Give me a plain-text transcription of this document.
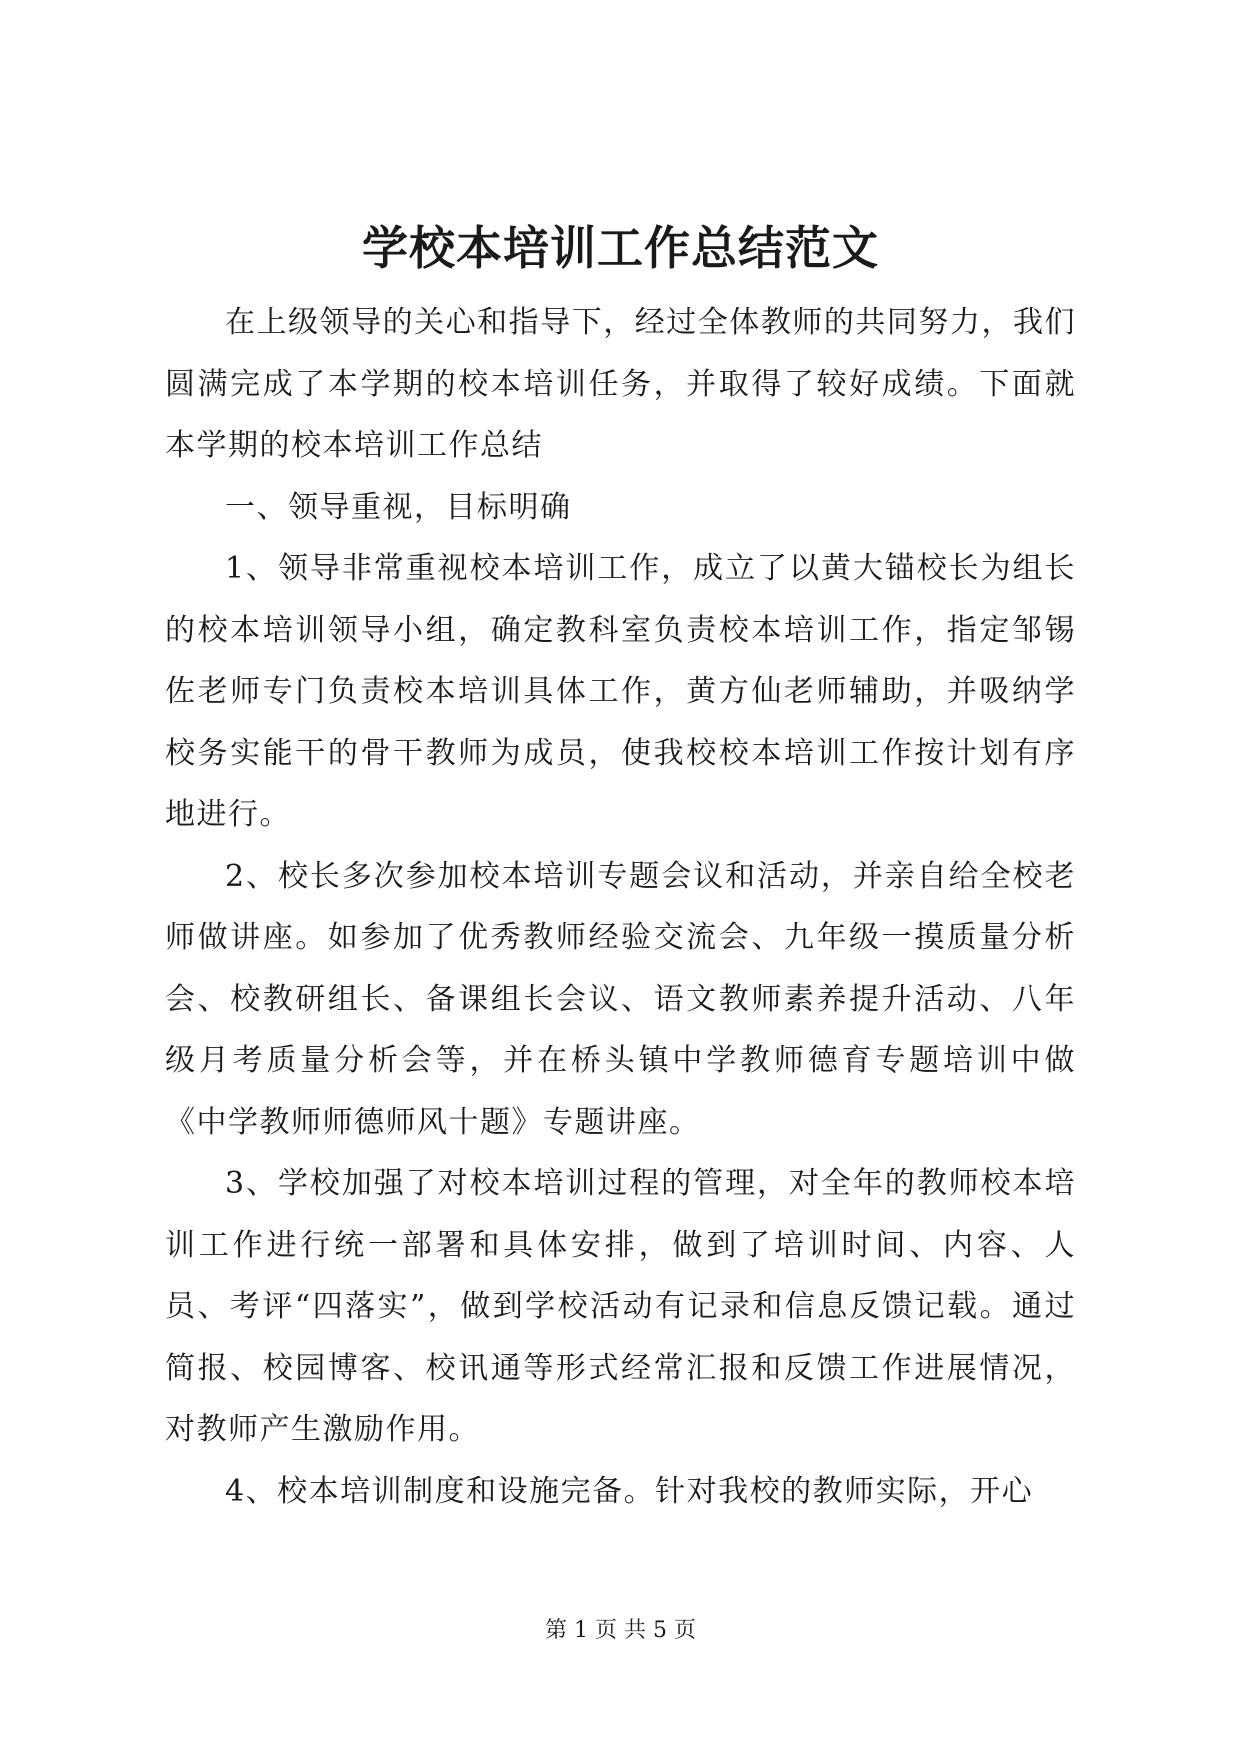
学校本培训工作总结范文

在上级领导的关心和指导下，经过全体教师的共同努力，我们圆满完成了本学期的校本培训任务，并取得了较好成绩。下面就本学期的校本培训工作总结

一、领导重视，目标明确

1、领导非常重视校本培训工作，成立了以黄大锚校长为组长的校本培训领导小组，确定教科室负责校本培训工作，指定邹锡佐老师专门负责校本培训具体工作，黄方仙老师辅助，并吸纳学校务实能干的骨干教师为成员，使我校校本培训工作按计划有序地进行。

2、校长多次参加校本培训专题会议和活动，并亲自给全校老师做讲座。如参加了优秀教师经验交流会、九年级一摸质量分析会、校教研组长、备课组长会议、语文教师素养提升活动、八年级月考质量分析会等，并在桥头镇中学教师德育专题培训中做《中学教师师德师风十题》专题讲座。

3、学校加强了对校本培训过程的管理，对全年的教师校本培训工作进行统一部署和具体安排，做到了培训时间、内容、人员、考评“四落实”，做到学校活动有记录和信息反馈记载。通过简报、校园博客、校讯通等形式经常汇报和反馈工作进展情况，对教师产生激励作用。

4、校本培训制度和设施完备。针对我校的教师实际，开心

第 1 页 共 5 页
